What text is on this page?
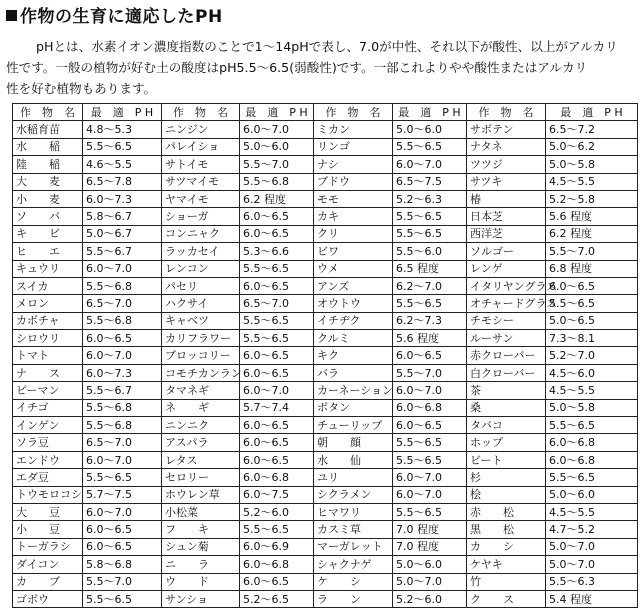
作物の生育に適応したPH
pHとは、水素イオン濃度指数のことで1〜14pHで表し、7.0が中性、それ以下が酸性、以上がアルカリ
性です。一般の植物が好む土の酸度はpH5.5〜6.5(弱酸性)です。一部これよりやや酸性またはアルカリ
性を好む植物もあります。
作　物　名	最　適　P H	作　物　名	最　適　P H	作　物　名	最　適　P H	作　物　名	最　適　P H
水稲育苗	4.8〜5.3	ニンジン	6.0〜7.0	ミカン	5.0〜6.0	サボテン	6.5〜7.2
水　　稲	5.5〜6.5	パレイショ	5.0〜6.0	リンゴ	5.5〜6.5	ナタネ	5.0〜6.2
陸　　稲	4.6〜5.5	サトイモ	5.5〜7.0	ナシ	6.0〜7.0	ツツジ	5.0〜5.8
大　　麦	6.5〜7.8	サツマイモ	5.5〜6.8	ブドウ	6.5〜7.5	サツキ	4.5〜5.5
小　　麦	6.0〜7.3	ヤマイモ	6.2 程度	モモ	5.2〜6.3	椿	5.2〜5.8
ソ　　バ	5.8〜6.7	ショーガ	6.0〜6.5	カキ	5.5〜6.5	日本芝	5.6 程度
キ　　ビ	5.0〜6.7	コンニャク	6.0〜6.5	クリ	5.5〜6.5	西洋芝	6.2 程度
ヒ　　エ	5.5〜6.7	ラッカセイ	5.3〜6.6	ビワ	5.5〜6.0	ソルゴー	5.5〜7.0
キュウリ	6.0〜7.0	レンコン	5.5〜6.5	ウメ	6.5 程度	レンゲ	6.8 程度
スイカ	5.5〜6.8	パセリ	6.0〜6.5	アンズ	6.2〜7.0	イタリヤングラス	6.0〜6.5
メロン	6.5〜7.0	ハクサイ	6.5〜7.0	オウトウ	5.5〜6.5	オチャードグラス	5.5〜6.5
カボチャ	5.5〜6.8	キャベツ	5.5〜6.5	イチヂク	6.2〜7.3	チモシー	5.0〜6.5
シロウリ	6.0〜6.5	カリフラワー	5.5〜6.5	クルミ	5.6 程度	ルーサン	7.3〜8.1
トマト	6.0〜7.0	ブロッコリー	6.0〜6.5	キク	6.0〜6.5	赤クローバー	5.2〜7.0
ナ　　ス	6.0〜7.3	コモチカンラン	6.0〜6.5	バラ	5.5〜7.0	白クローバー	4.5〜6.0
ピーマン	5.5〜6.7	タマネギ	6.0〜7.0	カーネーション	6.0〜7.0	茶	4.5〜5.5
イチゴ	5.5〜6.8	ネ　　ギ	5.7〜7.4	ボタン	6.0〜6.8	桑	5.0〜5.8
インゲン	5.5〜6.8	ニンニク	6.0〜6.5	チューリップ	6.0〜6.5	タバコ	5.5〜6.5
ソラ豆	6.5〜7.0	アスパラ	6.0〜6.5	朝　　顔	5.5〜6.5	ホップ	6.0〜6.8
エンドウ	6.0〜7.0	レタス	6.0〜6.5	水　　仙	5.5〜6.5	ビート	6.0〜6.8
エダ豆	5.5〜6.5	セロリー	6.0〜6.8	ユリ	6.0〜7.0	杉	5.5〜6.5
トウモロコシ	5.7〜7.5	ホウレン草	6.0〜7.5	シクラメン	6.0〜7.0	桧	5.0〜6.0
大　　豆	6.0〜7.0	小松菜	5.2〜6.0	ヒマワリ	5.5〜6.5	赤　　松	4.5〜5.5
小　　豆	6.0〜6.5	フ　　キ	5.5〜6.5	カスミ草	7.0 程度	黒　　松	4.7〜5.2
トーガラシ	6.0〜6.5	シュン菊	6.0〜6.9	マーガレット	7.0 程度	カ　　シ	5.0〜7.0
ダイコン	5.8〜6.8	ニ　　ラ	6.0〜6.8	シャクナゲ	5.0〜6.0	ケヤキ	5.0〜7.0
カ　　ブ	5.5〜7.0	ウ　　ド	6.0〜6.5	ケ　　シ	5.0〜7.0	竹	5.5〜6.3
ゴボウ	5.5〜6.5	サンショ	5.2〜6.5	ラ　　ン	5.2〜6.0	ク　　ス	5.4 程度
